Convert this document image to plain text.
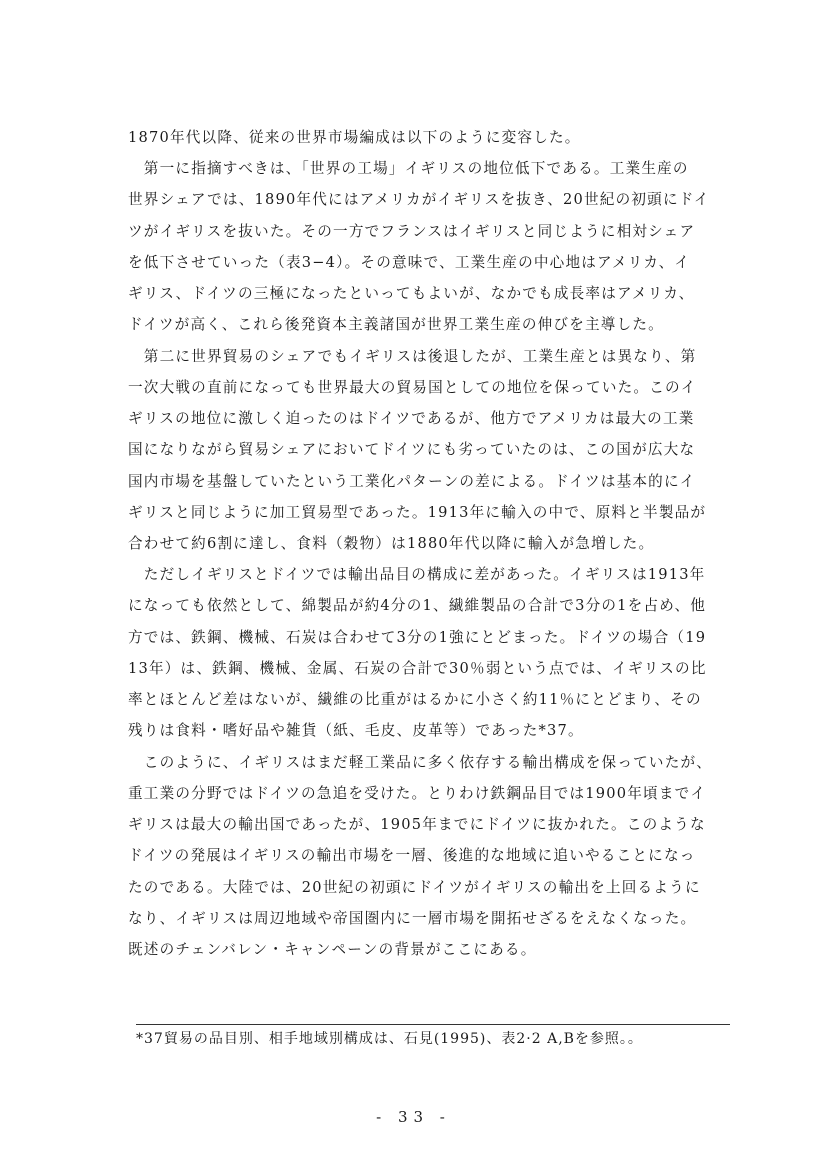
1870年代以降、従来の世界市場編成は以下のように変容した。
　第一に指摘すべきは、「世界の工場」イギリスの地位低下である。工業生産の
世界シェアでは、1890年代にはアメリカがイギリスを抜き、20世紀の初頭にドイ
ツがイギリスを抜いた。その一方でフランスはイギリスと同じように相対シェア
を低下させていった（表3−4）。その意味で、工業生産の中心地はアメリカ、イ
ギリス、ドイツの三極になったといってもよいが、なかでも成長率はアメリカ、
ドイツが高く、これら後発資本主義諸国が世界工業生産の伸びを主導した。
　第二に世界貿易のシェアでもイギリスは後退したが、工業生産とは異なり、第
一次大戦の直前になっても世界最大の貿易国としての地位を保っていた。このイ
ギリスの地位に激しく迫ったのはドイツであるが、他方でアメリカは最大の工業
国になりながら貿易シェアにおいてドイツにも劣っていたのは、この国が広大な
国内市場を基盤していたという工業化パターンの差による。ドイツは基本的にイ
ギリスと同じように加工貿易型であった。1913年に輸入の中で、原料と半製品が
合わせて約6割に達し、食料（穀物）は1880年代以降に輸入が急増した。
　ただしイギリスとドイツでは輸出品目の構成に差があった。イギリスは1913年
になっても依然として、綿製品が約4分の1、繊維製品の合計で3分の1を占め、他
方では、鉄鋼、機械、石炭は合わせて3分の1強にとどまった。ドイツの場合（19
13年）は、鉄鋼、機械、金属、石炭の合計で30％弱という点では、イギリスの比
率とほとんど差はないが、繊維の比重がはるかに小さく約11％にとどまり、その
残りは食料・嗜好品や雑貨（紙、毛皮、皮革等）であった*37。
　このように、イギリスはまだ軽工業品に多く依存する輸出構成を保っていたが、
重工業の分野ではドイツの急追を受けた。とりわけ鉄鋼品目では1900年頃までイ
ギリスは最大の輸出国であったが、1905年までにドイツに抜かれた。このような
ドイツの発展はイギリスの輸出市場を一層、後進的な地域に追いやることになっ
たのである。大陸では、20世紀の初頭にドイツがイギリスの輸出を上回るように
なり、イギリスは周辺地域や帝国圏内に一層市場を開拓せざるをえなくなった。
既述のチェンバレン・キャンペーンの背景がここにある。
*37貿易の品目別、相手地域別構成は、石見(1995)、表2·2 A,Bを参照。。
- 33 -
